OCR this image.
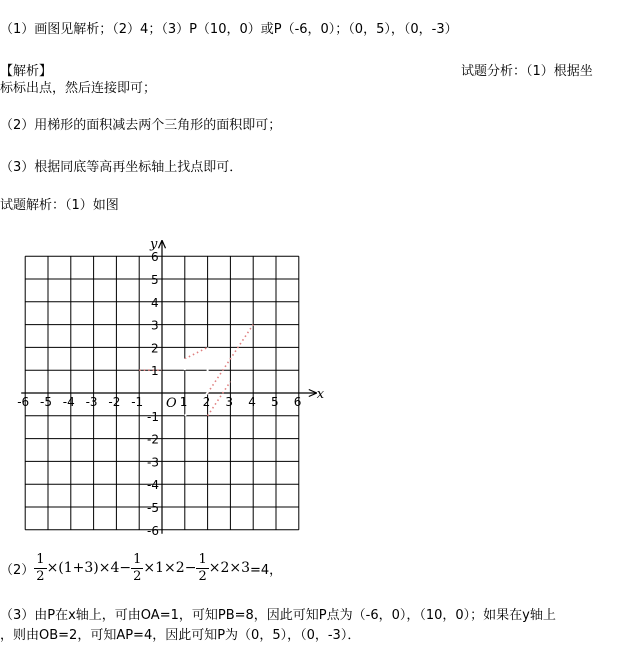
（1）画图见解析；（2）4；（3）P（10，0）或P（-6，0）；（0，5），（0，-3）
【解析】	试题分析：（1）根据坐
标标出点，然后连接即可；
（2）用梯形的面积减去两个三角形的面积即可；
（3）根据同底等高再坐标轴上找点即可．
试题解析：（1）如图
-6 -5 -4 -3 -2 -1	1 2 3 4 5 6
6
5
4
3
2
1
-1
-2
-3
-4
-5
-6
x
y
O
$(2) \frac{1}{2} \times(1+3)\times 4- \frac{1}{2} \times 1\times 2- \frac{1}{2} \times 2\times 3 =4$，
（3）由P在x轴上，可由OA=1，可知PB=8，因此可知P点为（-6，0），（10，0）；如果在y轴上
，则由OB=2，可知AP=4，因此可知P为（0，5），（0，-3）．
